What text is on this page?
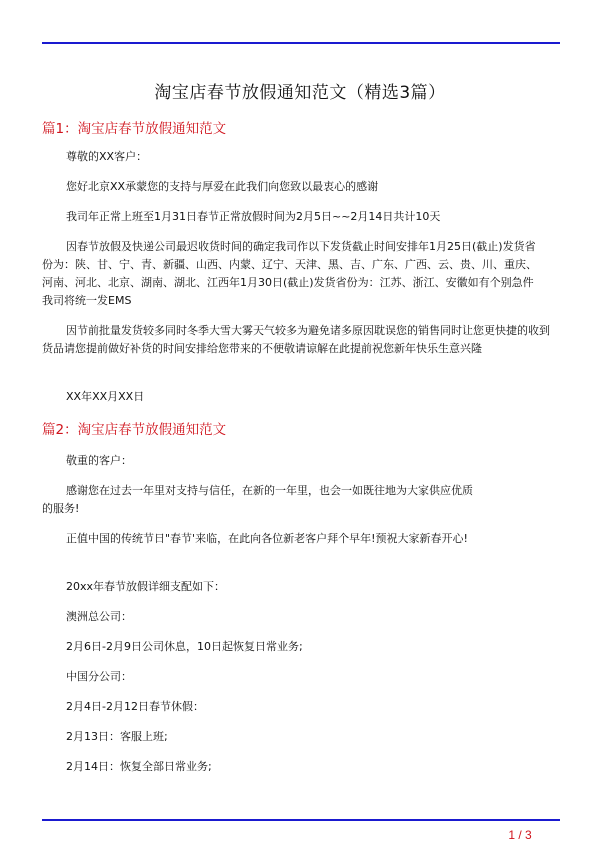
淘宝店春节放假通知范文（精选3篇）
篇1：淘宝店春节放假通知范文
尊敬的XX客户：
您好北京XX承蒙您的支持与厚爱在此我们向您致以最衷心的感谢
我司年正常上班至1月31日春节正常放假时间为2月5日~~2月14日共计10天
因春节放假及快递公司最迟收货时间的确定我司作以下发货截止时间安排年1月25日(截止)发货省份为：陕、甘、宁、青、新疆、山西、内蒙、辽宁、天津、黑、吉、广东、广西、云、贵、川、重庆、河南、河北、北京、湖南、湖北、江西年1月30日(截止)发货省份为：江苏、浙江、安徽如有个别急件我司将统一发EMS
因节前批量发货较多同时冬季大雪大雾天气较多为避免诸多原因耽误您的销售同时让您更快捷的收到货品请您提前做好补货的时间安排给您带来的不便敬请谅解在此提前祝您新年快乐生意兴隆
XX年XX月XX日
篇2：淘宝店春节放假通知范文
敬重的客户：
感谢您在过去一年里对支持与信任，在新的一年里，也会一如既往地为大家供应优质的服务!
正值中国的传统节日"春节'来临，在此向各位新老客户拜个早年!预祝大家新春开心!
20xx年春节放假详细支配如下：
澳洲总公司：
2月6日-2月9日公司休息，10日起恢复日常业务;
中国分公司：
2月4日-2月12日春节休假：
2月13日：客服上班;
2月14日：恢复全部日常业务;
1 / 3
